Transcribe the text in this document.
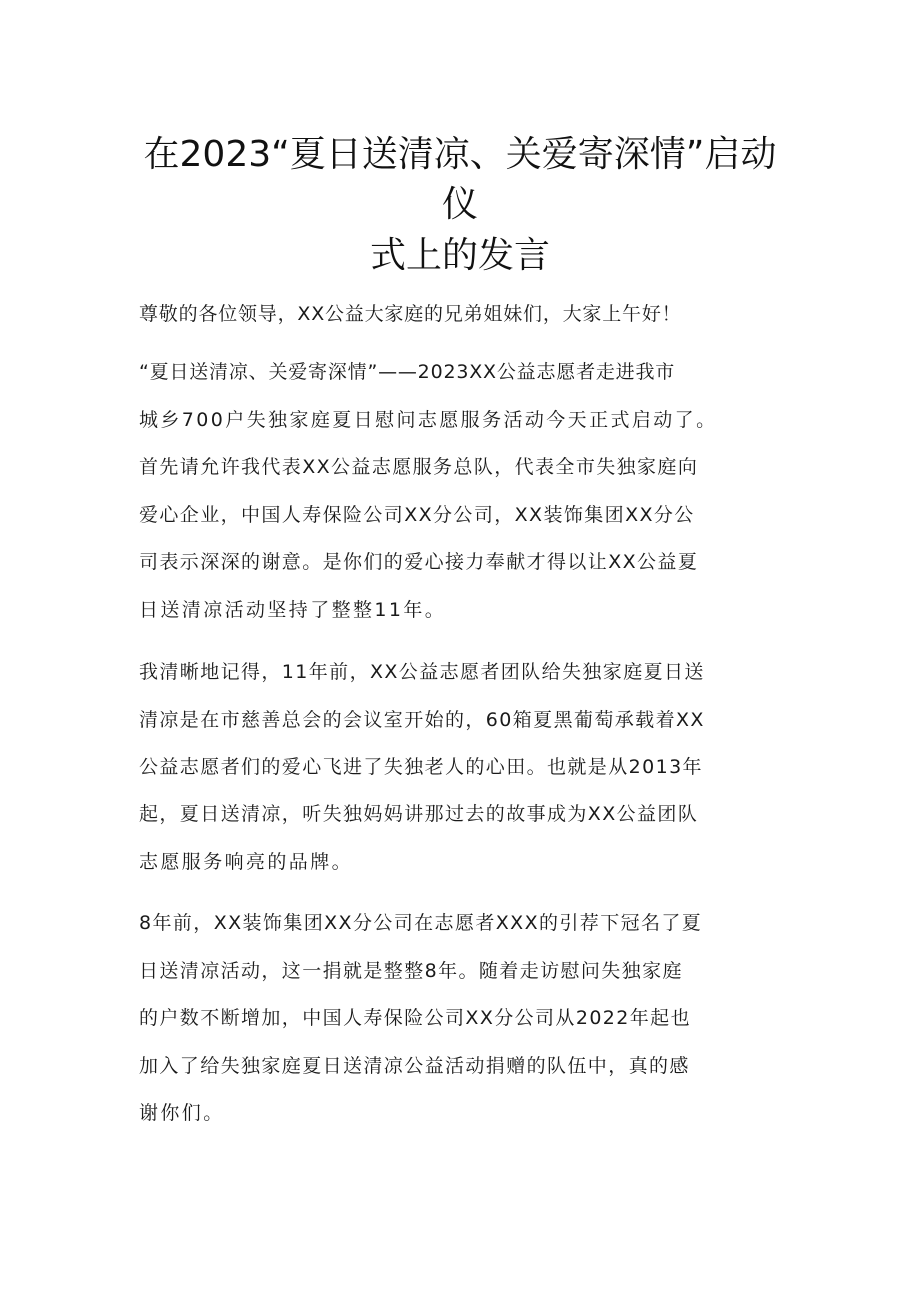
在2023“夏日送清凉、关爱寄深情”启动
仪
式上的发言
尊敬的各位领导，XX公益大家庭的兄弟姐妹们，大家上午好！
“夏日送清凉、关爱寄深情”——2023XX公益志愿者走进我市
城乡700户失独家庭夏日慰问志愿服务活动今天正式启动了。
首先请允许我代表XX公益志愿服务总队，代表全市失独家庭向
爱心企业，中国人寿保险公司XX分公司，XX装饰集团XX分公
司表示深深的谢意。是你们的爱心接力奉献才得以让XX公益夏
日送清凉活动坚持了整整11年。
我清晰地记得，11年前，XX公益志愿者团队给失独家庭夏日送
清凉是在市慈善总会的会议室开始的，60箱夏黑葡萄承载着XX
公益志愿者们的爱心飞进了失独老人的心田。也就是从2013年
起，夏日送清凉，听失独妈妈讲那过去的故事成为XX公益团队
志愿服务响亮的品牌。
8年前，XX装饰集团XX分公司在志愿者XXX的引荐下冠名了夏
日送清凉活动，这一捐就是整整8年。随着走访慰问失独家庭
的户数不断增加，中国人寿保险公司XX分公司从2022年起也
加入了给失独家庭夏日送清凉公益活动捐赠的队伍中，真的感
谢你们。
